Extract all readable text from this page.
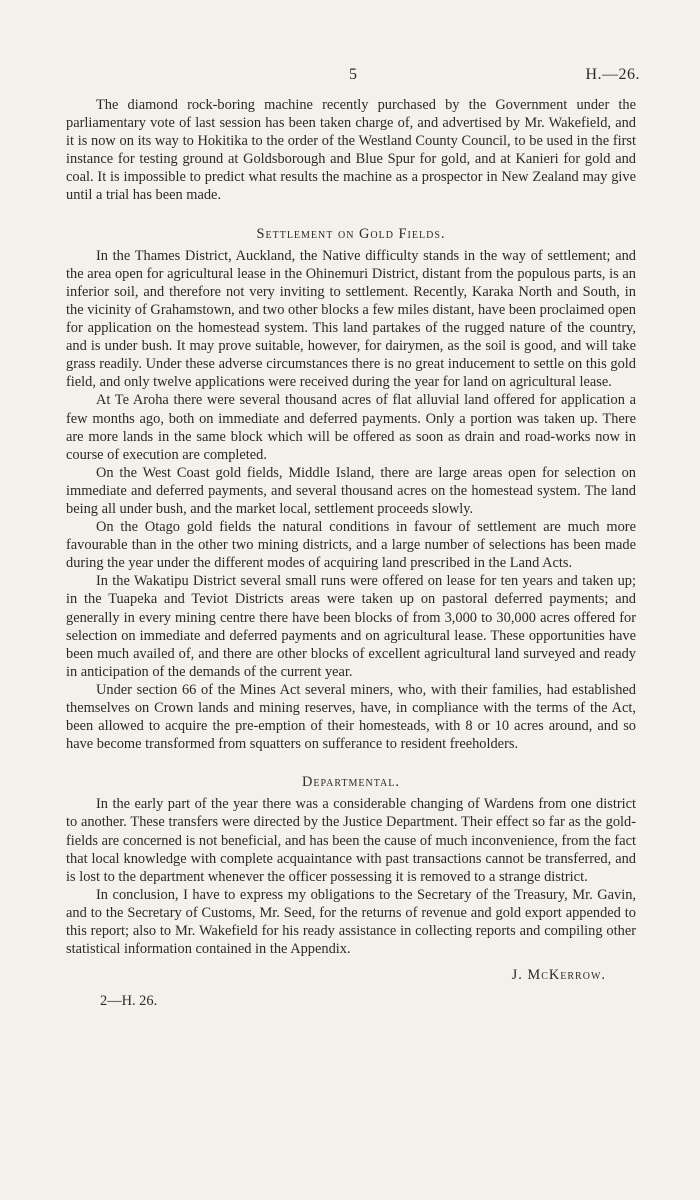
5	H.—26.

The diamond rock-boring machine recently purchased by the Government under the parliamentary vote of last session has been taken charge of, and advertised by Mr. Wakefield, and it is now on its way to Hokitika to the order of the Westland County Council, to be used in the first instance for testing ground at Goldsborough and Blue Spur for gold, and at Kanieri for gold and coal. It is impossible to predict what results the machine as a prospector in New Zealand may give until a trial has been made.

Settlement on Gold Fields.

In the Thames District, Auckland, the Native difficulty stands in the way of settlement; and the area open for agricultural lease in the Ohinemuri District, distant from the populous parts, is an inferior soil, and therefore not very inviting to settlement. Recently, Karaka North and South, in the vicinity of Grahamstown, and two other blocks a few miles distant, have been proclaimed open for application on the homestead system. This land partakes of the rugged nature of the country, and is under bush. It may prove suitable, however, for dairymen, as the soil is good, and will take grass readily. Under these adverse circumstances there is no great inducement to settle on this gold field, and only twelve applications were received during the year for land on agricultural lease.

At Te Aroha there were several thousand acres of flat alluvial land offered for application a few months ago, both on immediate and deferred payments. Only a portion was taken up. There are more lands in the same block which will be offered as soon as drain and road-works now in course of execution are completed.

On the West Coast gold fields, Middle Island, there are large areas open for selection on immediate and deferred payments, and several thousand acres on the homestead system. The land being all under bush, and the market local, settlement proceeds slowly.

On the Otago gold fields the natural conditions in favour of settlement are much more favourable than in the other two mining districts, and a large number of selections has been made during the year under the different modes of acquiring land prescribed in the Land Acts.

In the Wakatipu District several small runs were offered on lease for ten years and taken up; in the Tuapeka and Teviot Districts areas were taken up on pastoral deferred payments; and generally in every mining centre there have been blocks of from 3,000 to 30,000 acres offered for selection on immediate and deferred payments and on agricultural lease. These opportunities have been much availed of, and there are other blocks of excellent agricultural land surveyed and ready in anticipation of the demands of the current year.

Under section 66 of the Mines Act several miners, who, with their families, had established themselves on Crown lands and mining reserves, have, in compliance with the terms of the Act, been allowed to acquire the pre-emption of their homesteads, with 8 or 10 acres around, and so have become transformed from squatters on sufferance to resident freeholders.

Departmental.

In the early part of the year there was a considerable changing of Wardens from one district to another. These transfers were directed by the Justice Department. Their effect so far as the gold-fields are concerned is not beneficial, and has been the cause of much inconvenience, from the fact that local knowledge with complete acquaintance with past transactions cannot be transferred, and is lost to the department whenever the officer possessing it is removed to a strange district.

In conclusion, I have to express my obligations to the Secretary of the Treasury, Mr. Gavin, and to the Secretary of Customs, Mr. Seed, for the returns of revenue and gold export appended to this report; also to Mr. Wakefield for his ready assistance in collecting reports and compiling other statistical information contained in the Appendix.

J. McKerrow.
2—H. 26.
